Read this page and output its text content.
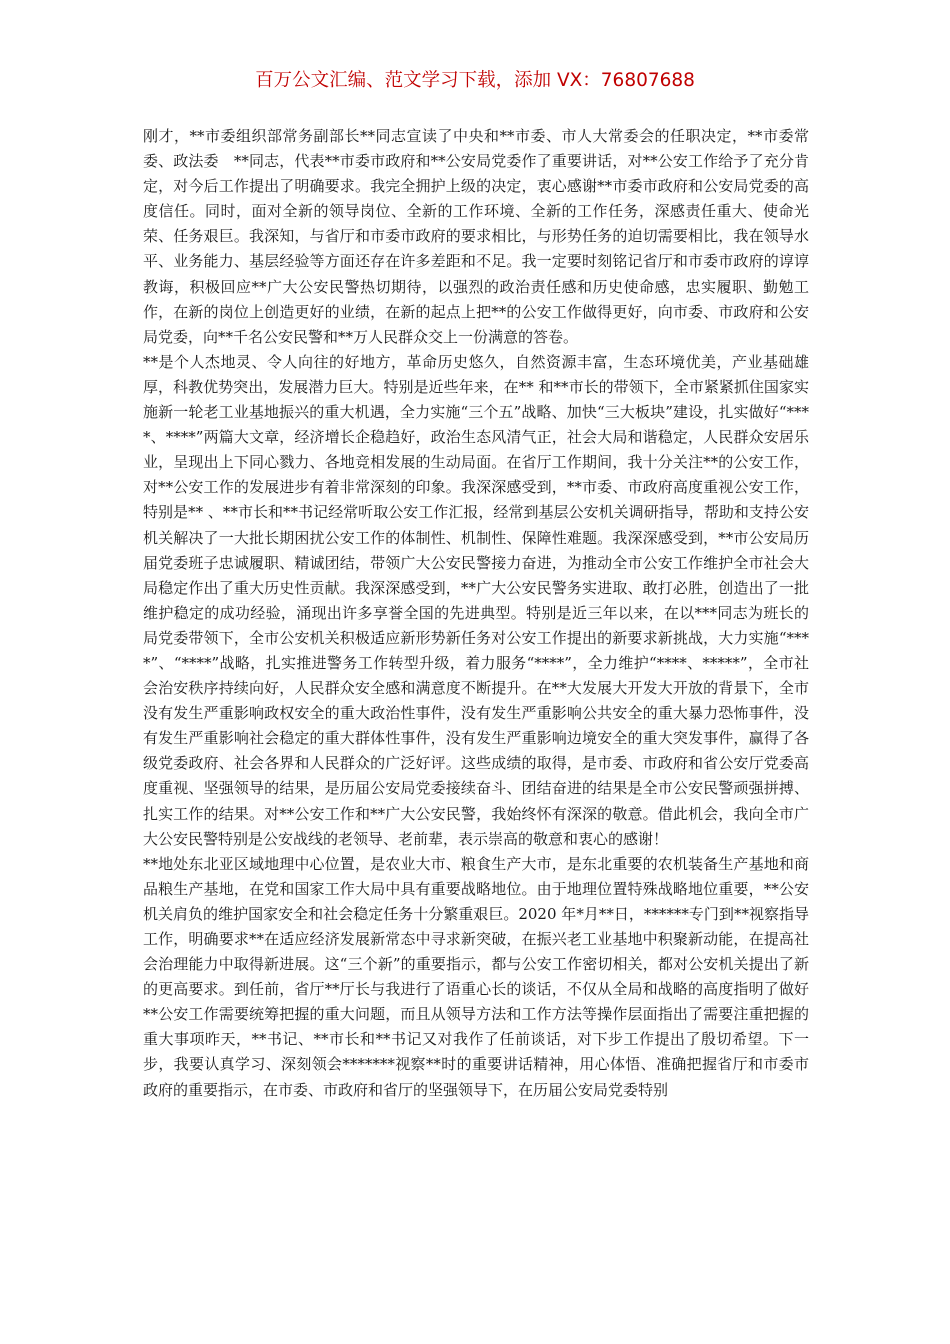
百万公文汇编、范文学习下载，添加 VX：76807688

刚才，**市委组织部常务副部长**同志宣读了中央和**市委、市人大常委会的任职决定，**市委常委、政法委　**同志，代表**市委市政府和**公安局党委作了重要讲话，对**公安工作给予了充分肯定，对今后工作提出了明确要求。我完全拥护上级的决定，衷心感谢**市委市政府和公安局党委的高度信任。同时，面对全新的领导岗位、全新的工作环境、全新的工作任务，深感责任重大、使命光荣、任务艰巨。我深知，与省厅和市委市政府的要求相比，与形势任务的迫切需要相比，我在领导水平、业务能力、基层经验等方面还存在许多差距和不足。我一定要时刻铭记省厅和市委市政府的谆谆教诲，积极回应**广大公安民警热切期待，以强烈的政治责任感和历史使命感，忠实履职、勤勉工作，在新的岗位上创造更好的业绩，在新的起点上把**的公安工作做得更好，向市委、市政府和公安局党委，向**千名公安民警和**万人民群众交上一份满意的答卷。

**是个人杰地灵、令人向往的好地方，革命历史悠久，自然资源丰富，生态环境优美，产业基础雄厚，科教优势突出，发展潜力巨大。特别是近些年来，在** 和**市长的带领下，全市紧紧抓住国家实施新一轮老工业基地振兴的重大机遇，全力实施“三个五”战略、加快“三大板块”建设，扎实做好“****、****”两篇大文章，经济增长企稳趋好，政治生态风清气正，社会大局和谐稳定，人民群众安居乐业，呈现出上下同心戮力、各地竞相发展的生动局面。在省厅工作期间，我十分关注**的公安工作，对**公安工作的发展进步有着非常深刻的印象。我深深感受到，**市委、市政府高度重视公安工作，特别是** 、**市长和**书记经常听取公安工作汇报，经常到基层公安机关调研指导，帮助和支持公安机关解决了一大批长期困扰公安工作的体制性、机制性、保障性难题。我深深感受到，**市公安局历届党委班子忠诚履职、精诚团结，带领广大公安民警接力奋进，为推动全市公安工作维护全市社会大局稳定作出了重大历史性贡献。我深深感受到，**广大公安民警务实进取、敢打必胜，创造出了一批维护稳定的成功经验，涌现出许多享誉全国的先进典型。特别是近三年以来，在以***同志为班长的局党委带领下，全市公安机关积极适应新形势新任务对公安工作提出的新要求新挑战，大力实施“****”、“****”战略，扎实推进警务工作转型升级，着力服务“****”，全力维护“****、*****”，全市社会治安秩序持续向好，人民群众安全感和满意度不断提升。在**大发展大开发大开放的背景下，全市没有发生严重影响政权安全的重大政治性事件，没有发生严重影响公共安全的重大暴力恐怖事件，没有发生严重影响社会稳定的重大群体性事件，没有发生严重影响边境安全的重大突发事件，赢得了各级党委政府、社会各界和人民群众的广泛好评。这些成绩的取得，是市委、市政府和省公安厅党委高度重视、坚强领导的结果，是历届公安局党委接续奋斗、团结奋进的结果是全市公安民警顽强拼搏、扎实工作的结果。对**公安工作和**广大公安民警，我始终怀有深深的敬意。借此机会，我向全市广大公安民警特别是公安战线的老领导、老前辈，表示崇高的敬意和衷心的感谢！

**地处东北亚区域地理中心位置，是农业大市、粮食生产大市，是东北重要的农机装备生产基地和商品粮生产基地，在党和国家工作大局中具有重要战略地位。由于地理位置特殊战略地位重要，**公安机关肩负的维护国家安全和社会稳定任务十分繁重艰巨。2020 年*月**日，******专门到**视察指导工作，明确要求**在适应经济发展新常态中寻求新突破，在振兴老工业基地中积聚新动能，在提高社会治理能力中取得新进展。这“三个新”的重要指示，都与公安工作密切相关，都对公安机关提出了新的更高要求。到任前，省厅**厅长与我进行了语重心长的谈话，不仅从全局和战略的高度指明了做好**公安工作需要统筹把握的重大问题，而且从领导方法和工作方法等操作层面指出了需要注重把握的重大事项昨天，**书记、**市长和**书记又对我作了任前谈话，对下步工作提出了殷切希望。下一步，我要认真学习、深刻领会*******视察**时的重要讲话精神，用心体悟、准确把握省厅和市委市政府的重要指示，在市委、市政府和省厅的坚强领导下，在历届公安局党委特别
